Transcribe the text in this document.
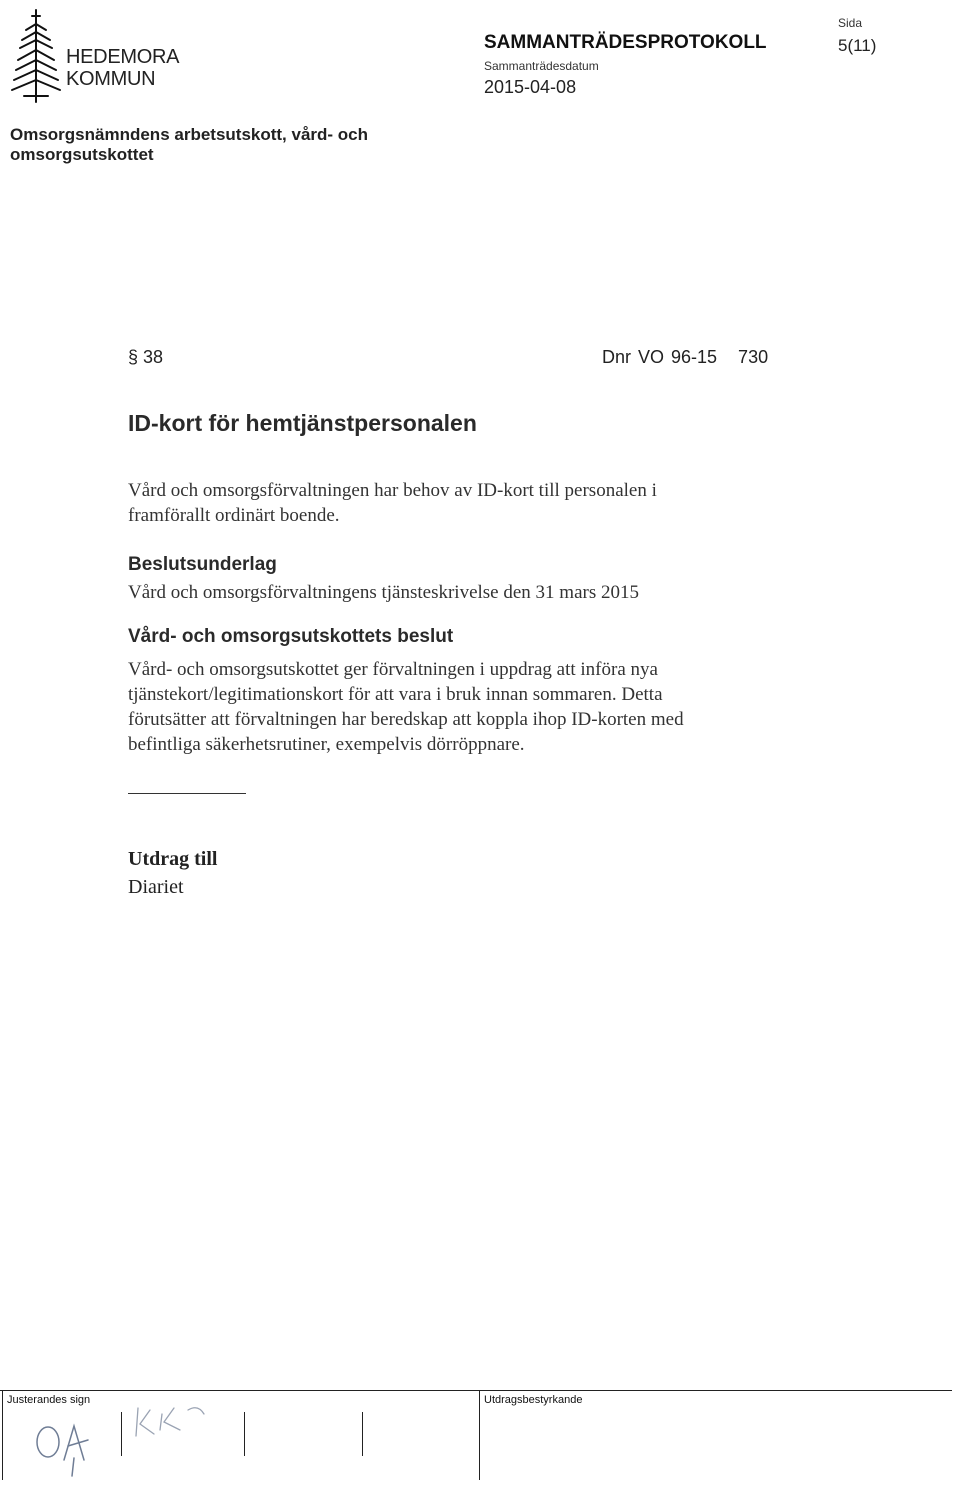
HEDEMORA
KOMMUN
SAMMANTRÄDESPROTOKOLL
Sammanträdesdatum
2015-04-08
Sida
5(11)
Omsorgsnämndens arbetsutskott, vård- och
omsorgsutskottet
§ 38	Dnr VO 96-15   730
ID-kort för hemtjänstpersonalen
Vård och omsorgsförvaltningen har behov av ID-kort till personalen i
framförallt ordinärt boende.
Beslutsunderlag
Vård och omsorgsförvaltningens tjänsteskrivelse den 31 mars 2015
Vård- och omsorgsutskottets beslut
Vård- och omsorgsutskottet ger förvaltningen i uppdrag att införa nya
tjänstekort/legitimationskort för att vara i bruk innan sommaren. Detta
förutsätter att förvaltningen har beredskap att koppla ihop ID-korten med
befintliga säkerhetsrutiner, exempelvis dörröppnare.
Utdrag till
Diariet
Justerandes sign	Utdragsbestyrkande
